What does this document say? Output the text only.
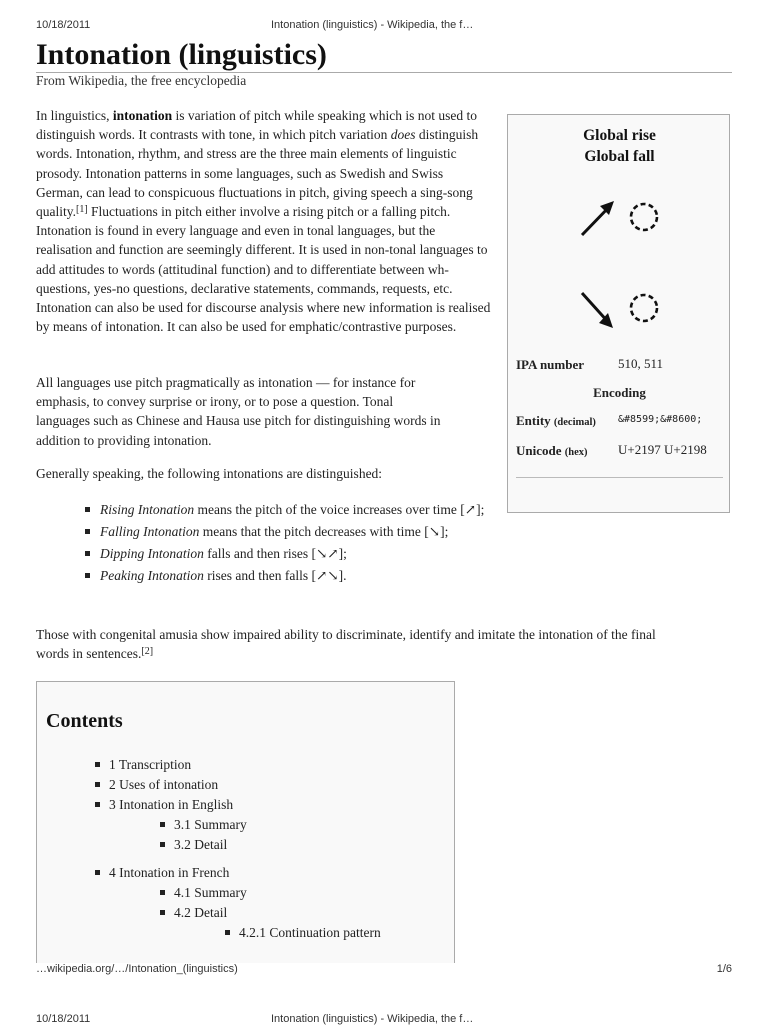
10/18/2011	Intonation (linguistics) - Wikipedia, the f…
Intonation (linguistics)
From Wikipedia, the free encyclopedia

In linguistics, intonation is variation of pitch while speaking which is not used to distinguish words. It contrasts with tone, in which pitch variation does distinguish words. Intonation, rhythm, and stress are the three main elements of linguistic prosody. Intonation patterns in some languages, such as Swedish and Swiss German, can lead to conspicuous fluctuations in pitch, giving speech a sing-song quality.[1] Fluctuations in pitch either involve a rising pitch or a falling pitch. Intonation is found in every language and even in tonal languages, but the realisation and function are seemingly different. It is used in non-tonal languages to add attitudes to words (attitudinal function) and to differentiate between wh-questions, yes-no questions, declarative statements, commands, requests, etc. Intonation can also be used for discourse analysis where new information is realised by means of intonation. It can also be used for emphatic/contrastive purposes.

All languages use pitch pragmatically as intonation — for instance for
emphasis, to convey surprise or irony, or to pose a question. Tonal
languages such as Chinese and Hausa use pitch for distinguishing words in
addition to providing intonation.
Generally speaking, the following intonations are distinguished:
Rising Intonation means the pitch of the voice increases over time [↗];
Falling Intonation means that the pitch decreases with time [↘];
Dipping Intonation falls and then rises [↘↗];
Peaking Intonation rises and then falls [↗↘].
Those with congenital amusia show impaired ability to discriminate, identify and imitate the intonation of the final
words in sentences.[2]
Global rise
Global fall
IPA number	510, 511
Encoding
Entity (decimal) &#8599;&#8600;
Unicode (hex) U+2197 U+2198
Contents
1 Transcription
2 Uses of intonation
3 Intonation in English
3.1 Summary
3.2 Detail
4 Intonation in French
4.1 Summary
4.2 Detail
4.2.1 Continuation pattern
…wikipedia.org/…/Intonation_(linguistics)	1/6
10/18/2011	Intonation (linguistics) - Wikipedia, the f…
